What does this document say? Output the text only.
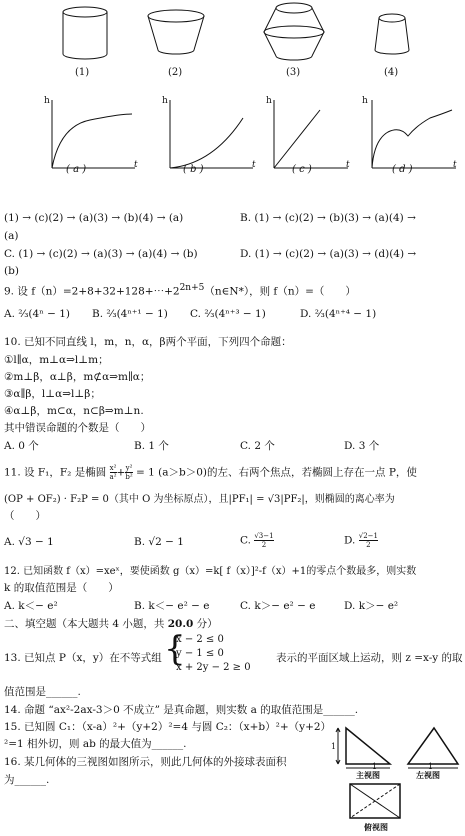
(1)	(2)	(3)	(4)
h	h	h	h
t	t	t	t
( a )	( b )	( c )	( d )
(1) → (c)(2) → (a)(3) → (b)(4) → (a)	B. (1) → (c)(2) → (b)(3) → (a)(4) →
(a)
C. (1) → (c)(2) → (a)(3) → (a)(4) → (b)	D. (1) → (c)(2) → (a)(3) → (d)(4) →
(b)
9. 设 $f(n)=2+8+32+128+\cdots+2^{2n+5}(n\in N*)$，则 f（n）=（　　）
A. ²⁄₃(4ⁿ − 1) B. ²⁄₃(4ⁿ⁺¹ − 1) C. ²⁄₃(4ⁿ⁺³ − 1)	D. ²⁄₃(4ⁿ⁺⁴ − 1)
10. 已知不同直线 l，m，n，α，β两个平面，下列四个命题：
①l∥α，m⊥α⇒l⊥m；
②m⊥β，α⊥β，m⊄α⇒m∥α；
③α∥β，l⊥α⇒l⊥β；
④α⊥β，m⊂α，n⊂β⇒m⊥n.
其中错误命题的个数是（　　）
A. 0 个	B. 1 个	C. 2 个	D. 3 个
11. 设 F₁，F₂ 是椭圆 $\frac{\text{x²}}{\text{a²}} + \frac{\text{y²}}{\text{b²}} = 1$ (a＞b＞0)的左、右两个焦点，若椭圆上存在一点 P，使
(OP + OF₂) · F₂P = 0（其中 O 为坐标原点），且|PF₁| = √3|PF₂|，则椭圆的离心率为
（　　）
A. √3 − 1	B. √2 − 1	C. $\frac{√3-1}{2}$	D. $\frac{√2-1}{2}$
12. 已知函数 f（x）=xeˣ，要使函数 g（x）=k[ f（x）]²-f（x）+1的零点个数最多，则实数
k 的取值范围是（　　）
A. k＜− e²	B. k＜− e² − e	C. k＞− e² − e	D. k＞− e²
二、填空题（本大题共 4 小题，共 20.0 分）
13. 已知点 P（x，y）在不等式组 {
x − 2 ≤ 0
y − 1 ≤ 0
x + 2y − 2 ≥ 0
表示的平面区域上运动，则 z =x-y 的取
值范围是______.
14. 命题 “ax²-2ax-3＞0 不成立” 是真命题，则实数 a 的取值范围是______.
15. 已知圆 C₁：（x-a）²+（y+2）²=4 与圆 C₂：（x+b）²+（y+2）
²=1 相外切，则 ab 的最大值为______.
16. 某几何体的三视图如图所示，则此几何体的外接球表面积
为______.
1
1
主视图
1
左视图
俯视图
